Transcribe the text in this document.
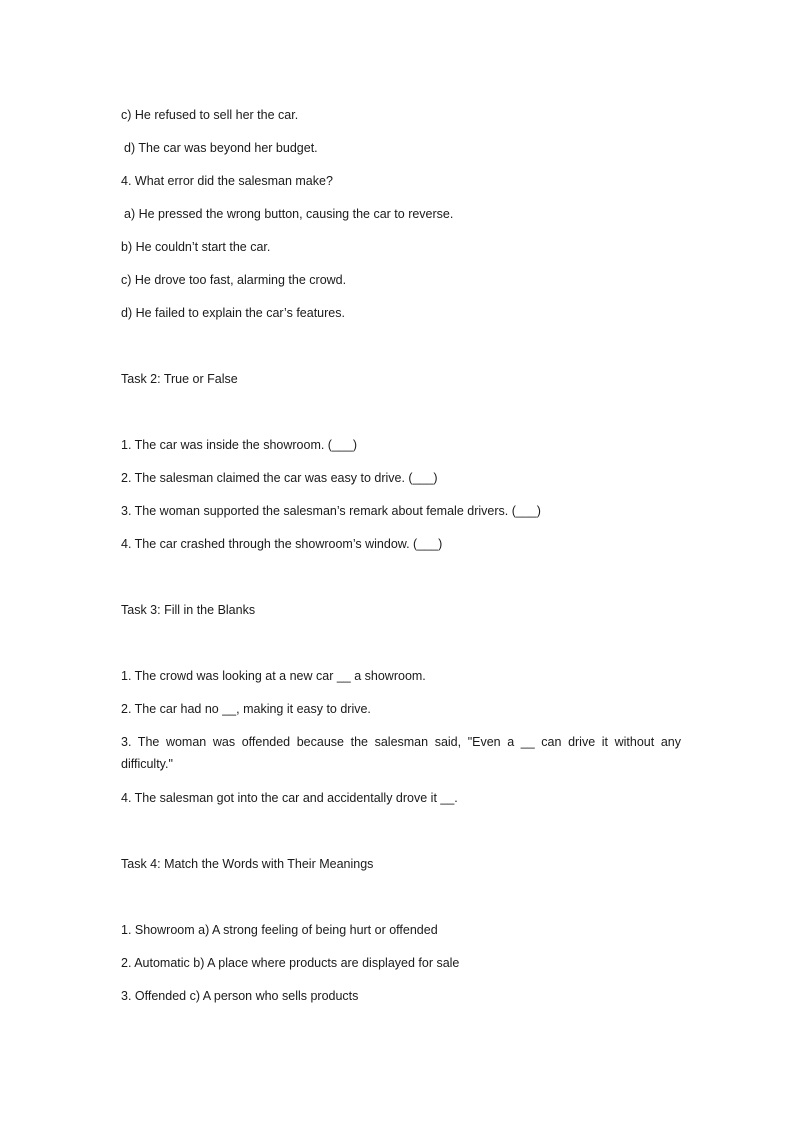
c) He refused to sell her the car.
d) The car was beyond her budget.
4. What error did the salesman make?
a) He pressed the wrong button, causing the car to reverse.
b) He couldn’t start the car.
c) He drove too fast, alarming the crowd.
d) He failed to explain the car’s features.
Task 2: True or False
1. The car was inside the showroom. (___)
2. The salesman claimed the car was easy to drive. (___)
3. The woman supported the salesman’s remark about female drivers. (___)
4. The car crashed through the showroom’s window. (___)
Task 3: Fill in the Blanks
1. The crowd was looking at a new car __ a showroom.
2. The car had no __, making it easy to drive.
3. The woman was offended because the salesman said, "Even a __ can drive it without any difficulty."
4. The salesman got into the car and accidentally drove it __.
Task 4: Match the Words with Their Meanings
1. Showroom a) A strong feeling of being hurt or offended
2. Automatic b) A place where products are displayed for sale
3. Offended c) A person who sells products
